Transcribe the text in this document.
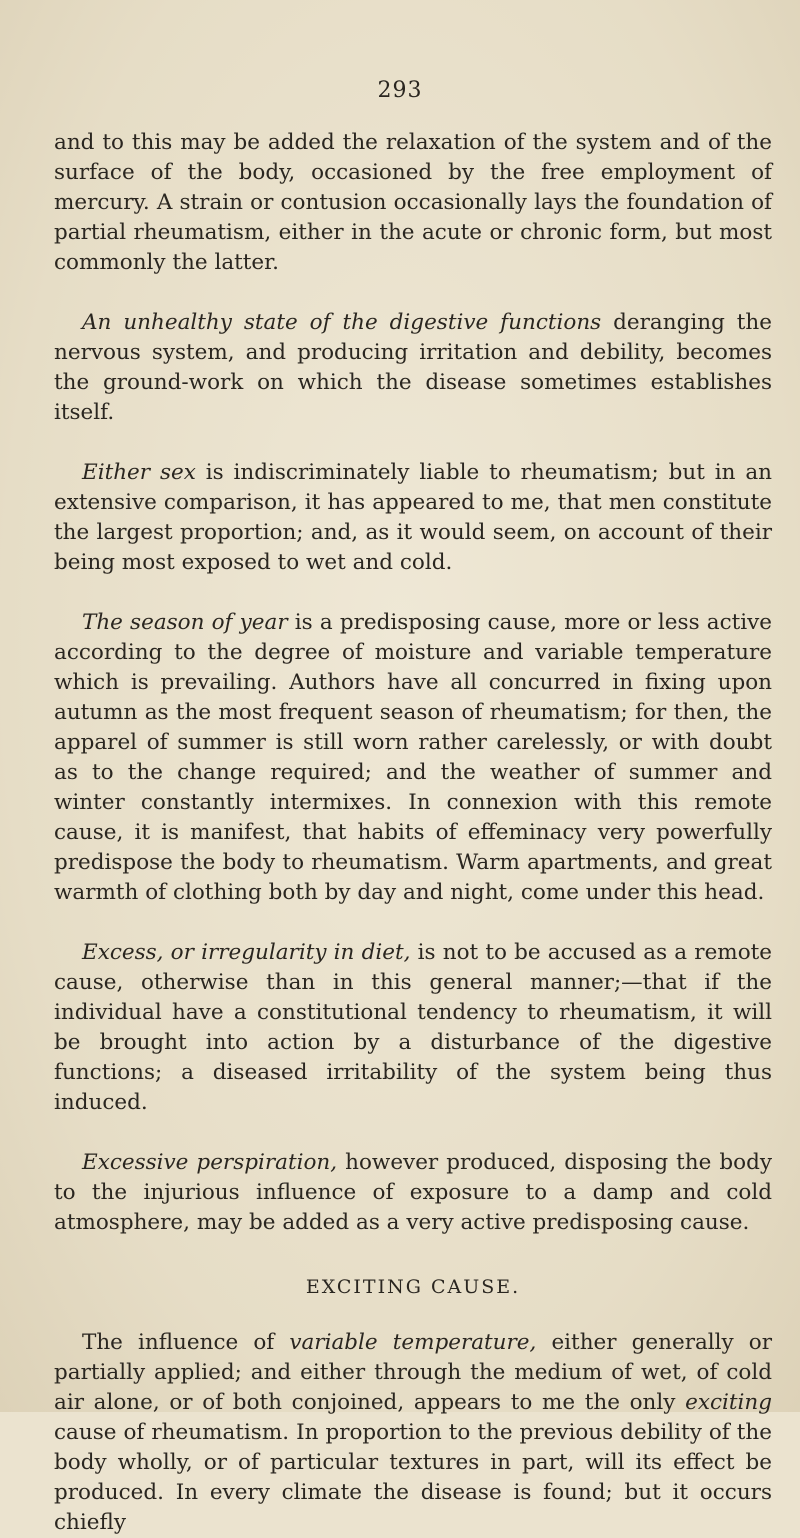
293

and to this may be added the relaxation of the system and of the surface of the body, occasioned by the free employment of mercury. A strain or contusion occasionally lays the foundation of partial rheumatism, either in the acute or chronic form, but most commonly the latter.

An unhealthy state of the digestive functions deranging the nervous system, and producing irritation and debility, becomes the ground-work on which the disease sometimes establishes itself.

Either sex is indiscriminately liable to rheumatism; but in an extensive comparison, it has appeared to me, that men constitute the largest proportion; and, as it would seem, on account of their being most exposed to wet and cold.

The season of year is a predisposing cause, more or less active according to the degree of moisture and variable temperature which is prevailing. Authors have all concurred in fixing upon autumn as the most frequent season of rheumatism; for then, the apparel of summer is still worn rather carelessly, or with doubt as to the change required; and the weather of summer and winter constantly intermixes. In connexion with this remote cause, it is manifest, that habits of effeminacy very powerfully predispose the body to rheumatism. Warm apartments, and great warmth of clothing both by day and night, come under this head.

Excess, or irregularity in diet, is not to be accused as a remote cause, otherwise than in this general manner;—that if the individual have a constitutional tendency to rheumatism, it will be brought into action by a disturbance of the digestive functions; a diseased irritability of the system being thus induced.

Excessive perspiration, however produced, disposing the body to the injurious influence of exposure to a damp and cold atmosphere, may be added as a very active predisposing cause.

EXCITING CAUSE.

The influence of variable temperature, either generally or partially applied; and either through the medium of wet, of cold air alone, or of both conjoined, appears to me the only exciting cause of rheumatism. In proportion to the previous debility of the body wholly, or of particular textures in part, will its effect be produced. In every climate the disease is found; but it occurs chiefly
